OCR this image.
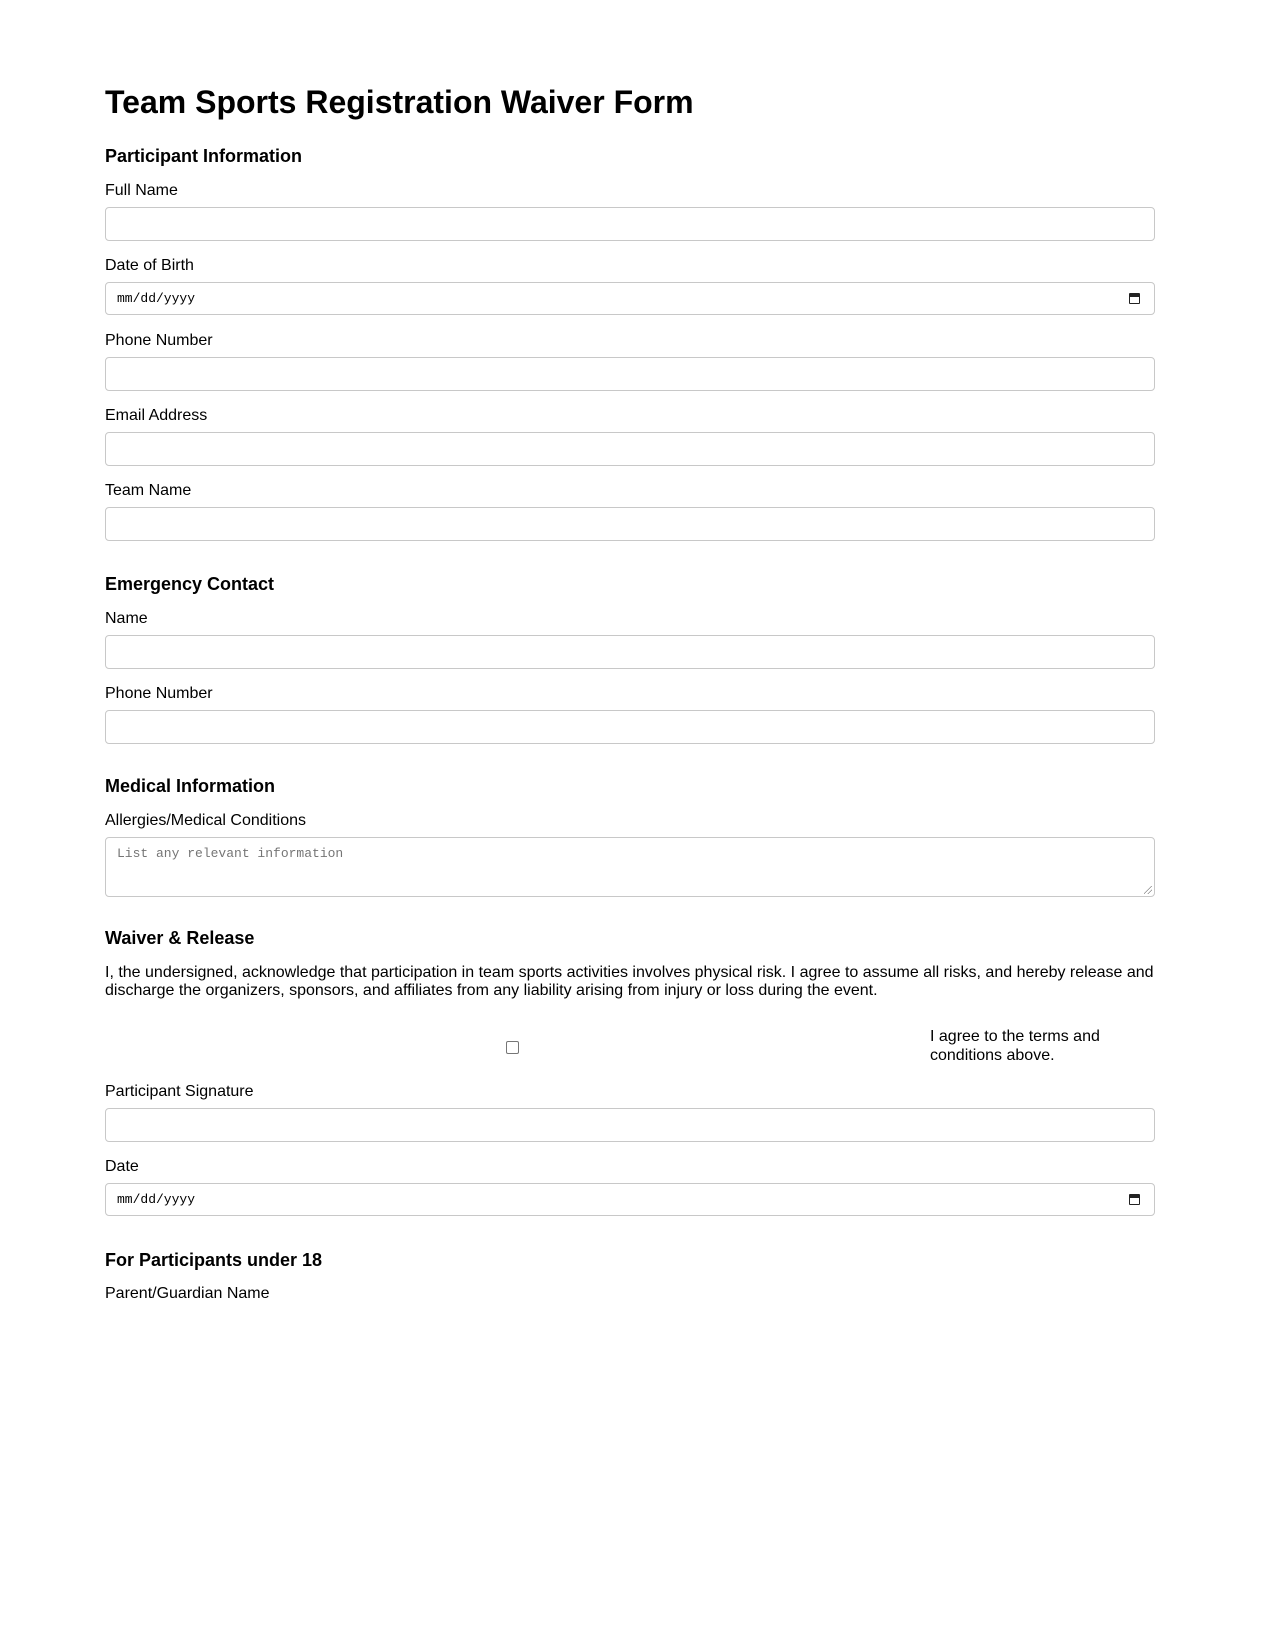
Team Sports Registration Waiver Form
Participant Information
Full Name
Date of Birth
mm/dd/yyyy
Phone Number
Email Address
Team Name
Emergency Contact
Name
Phone Number
Medical Information
Allergies/Medical Conditions
List any relevant information
Waiver & Release

I, the undersigned, acknowledge that participation in team sports activities involves physical risk. I agree to assume all risks, and hereby release and discharge the organizers, sponsors, and affiliates from any liability arising from injury or loss during the event.

I agree to the terms and conditions above.
Participant Signature
Date
mm/dd/yyyy
For Participants under 18
Parent/Guardian Name
